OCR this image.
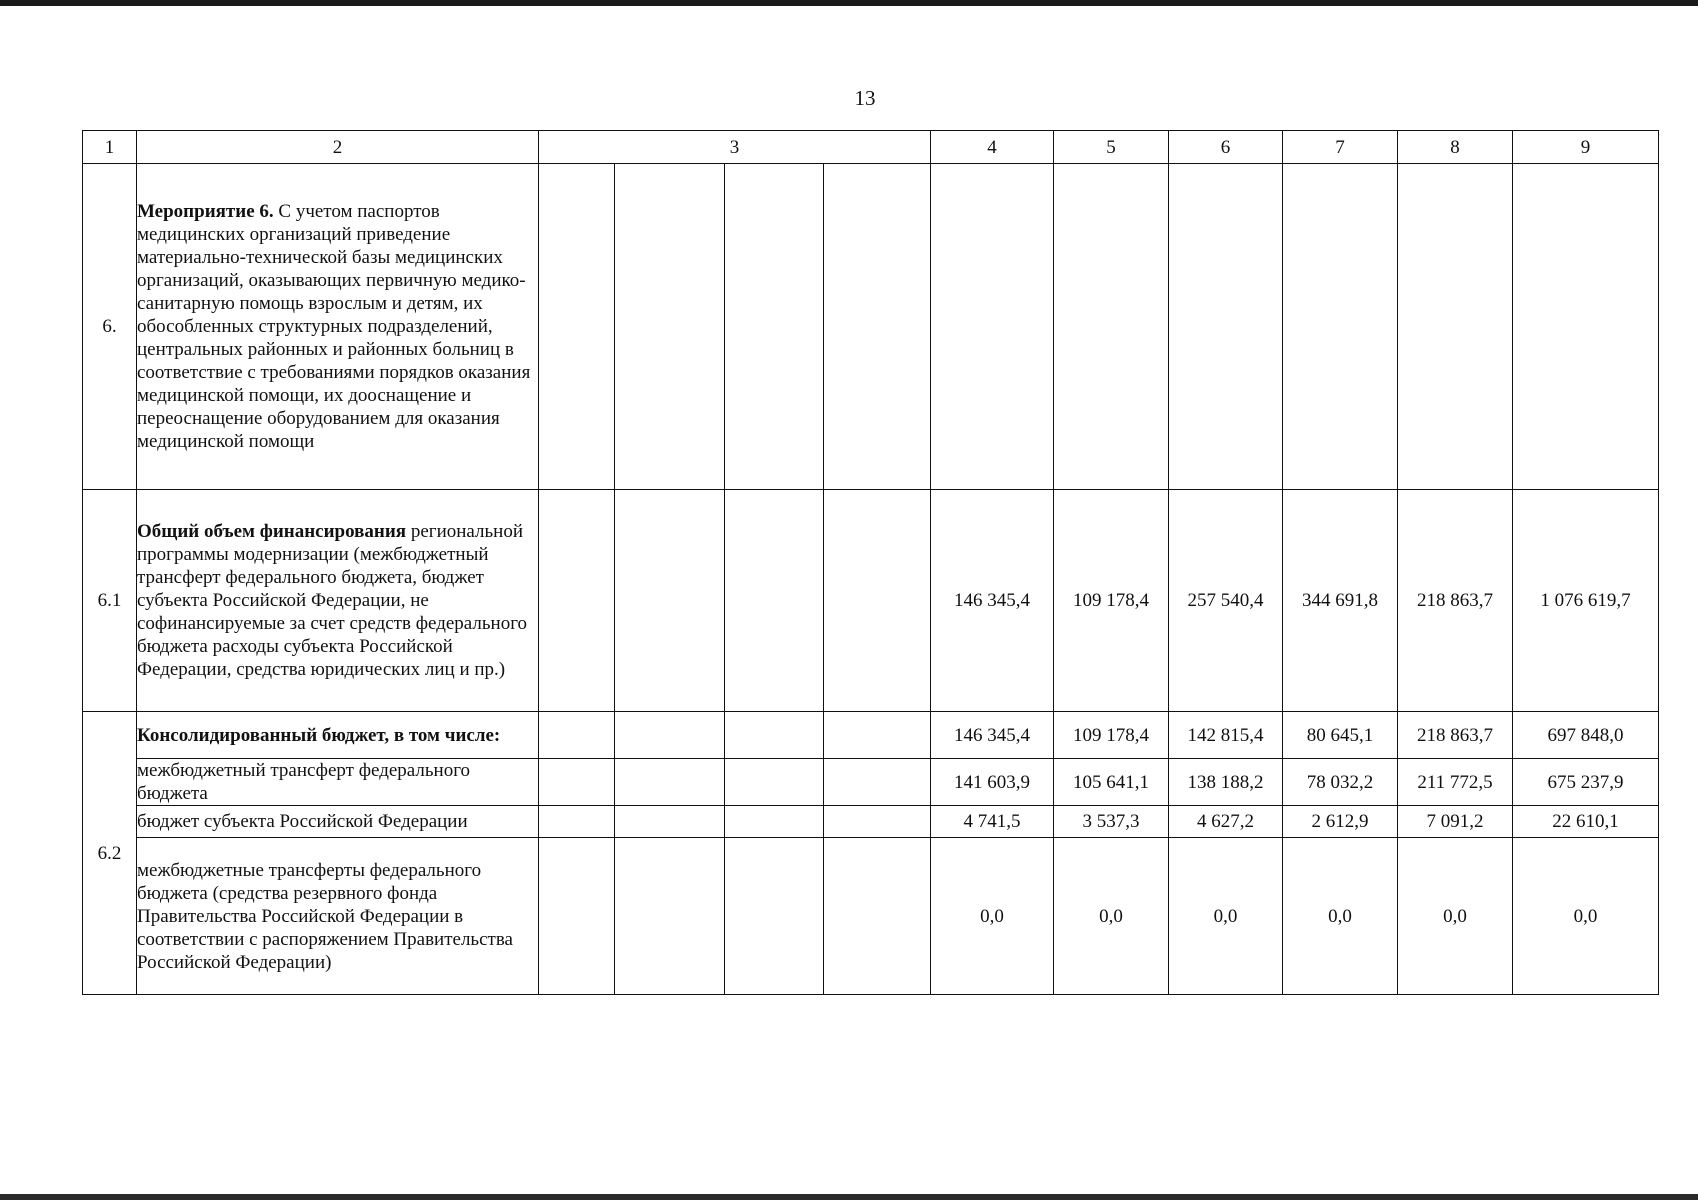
13
1	2	3				4	5	6	7	8	9
6.	Мероприятие 6. С учетом паспортов медицинских организаций приведение материально-технической базы медицинских организаций, оказывающих первичную медико-санитарную помощь взрослым и детям, их обособленных структурных подразделений, центральных районных и районных больниц в соответствие с требованиями порядков оказания медицинской помощи, их дооснащение и переоснащение оборудованием для оказания медицинской помощи										
6.1	Общий объем финансирования региональной программы модернизации (межбюджетный трансферт федерального бюджета, бюджет субъекта Российской Федерации, не софинансируемые за счет средств федерального бюджета расходы субъекта Российской Федерации, средства юридических лиц и пр.)					146 345,4	109 178,4	257 540,4	344 691,8	218 863,7	1 076 619,7
6.2	Консолидированный бюджет, в том числе:					146 345,4	109 178,4	142 815,4	80 645,1	218 863,7	697 848,0
	межбюджетный трансферт федерального бюджета					141 603,9	105 641,1	138 188,2	78 032,2	211 772,5	675 237,9
	бюджет субъекта Российской Федерации					4 741,5	3 537,3	4 627,2	2 612,9	7 091,2	22 610,1
	межбюджетные трансферты федерального бюджета (средства резервного фонда Правительства Российской Федерации в соответствии с распоряжением Правительства Российской Федерации)					0,0	0,0	0,0	0,0	0,0	0,0
